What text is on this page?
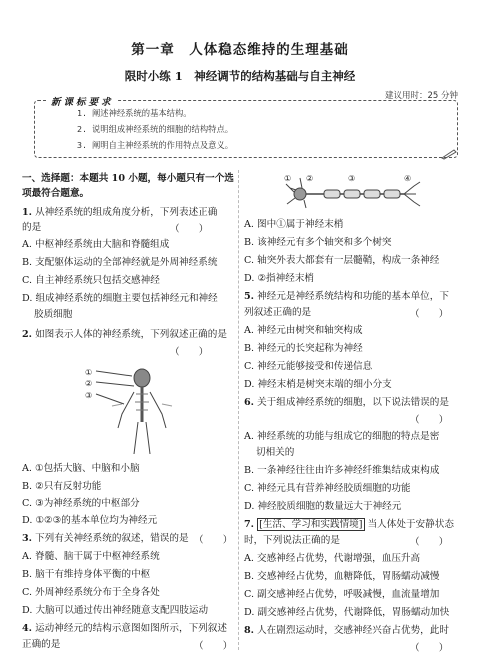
第一章　人体稳态维持的生理基础
限时小练 1　神经调节的结构基础与自主神经
建议用时：25 分钟
1. 阐述神经系统的基本结构。
2. 说明组成神经系统的细胞的结构特点。
3. 阐明自主神经系统的作用特点及意义。
新课标要求
一、选择题：本题共 10 小题，每小题只有一个选
项最符合题意。
1. 从神经系统的组成角度分析，下列表述正确
的是	（　　）
A. 中枢神经系统由大脑和脊髓组成
B. 支配躯体运动的全部神经就是外周神经系统
C. 自主神经系统只包括交感神经
D. 组成神经系统的细胞主要包括神经元和神经
胶质细胞
2. 如图表示人体的神经系统，下列叙述正确的是
（　　）
①
②
③
A. ①包括大脑、中脑和小脑
B. ②只有反射功能
C. ③为神经系统的中枢部分
D. ①②③的基本单位均为神经元
3. 下列有关神经系统的叙述，错误的是 （　　）
A. 脊髓、脑干属于中枢神经系统
B. 脑干有维持身体平衡的中枢
C. 外周神经系统分布于全身各处
D. 大脑可以通过传出神经随意支配四肢运动
4. 运动神经元的结构示意图如图所示，下列叙述
正确的是	（　　）
① ②	③	④
A. 图中①属于神经末梢
B. 该神经元有多个轴突和多个树突
C. 轴突外表大都套有一层髓鞘，构成一条神经
D. ②指神经末梢
5. 神经元是神经系统结构和功能的基本单位，下
列叙述正确的是	（　　）
A. 神经元由树突和轴突构成
B. 神经元的长突起称为神经
C. 神经元能够接受和传递信息
D. 神经末梢是树突末端的细小分支
6. 关于组成神经系统的细胞，以下说法错误的是
（　　）
A. 神经系统的功能与组成它的细胞的特点是密
切相关的
B. 一条神经往往由许多神经纤维集结成束构成
C. 神经元具有营养神经胶质细胞的功能
D. 神经胶质细胞的数量远大于神经元
7. [生活、学习和实践情境] 当人体处于安静状态
时，下列说法正确的是	（　　）
A. 交感神经占优势，代谢增强，血压升高
B. 交感神经占优势，血糖降低，胃肠蠕动减慢
C. 副交感神经占优势，呼吸减慢，血流量增加
D. 副交感神经占优势，代谢降低，胃肠蠕动加快
8. 人在剧烈运动时，交感神经兴奋占优势，此时
（　　）
